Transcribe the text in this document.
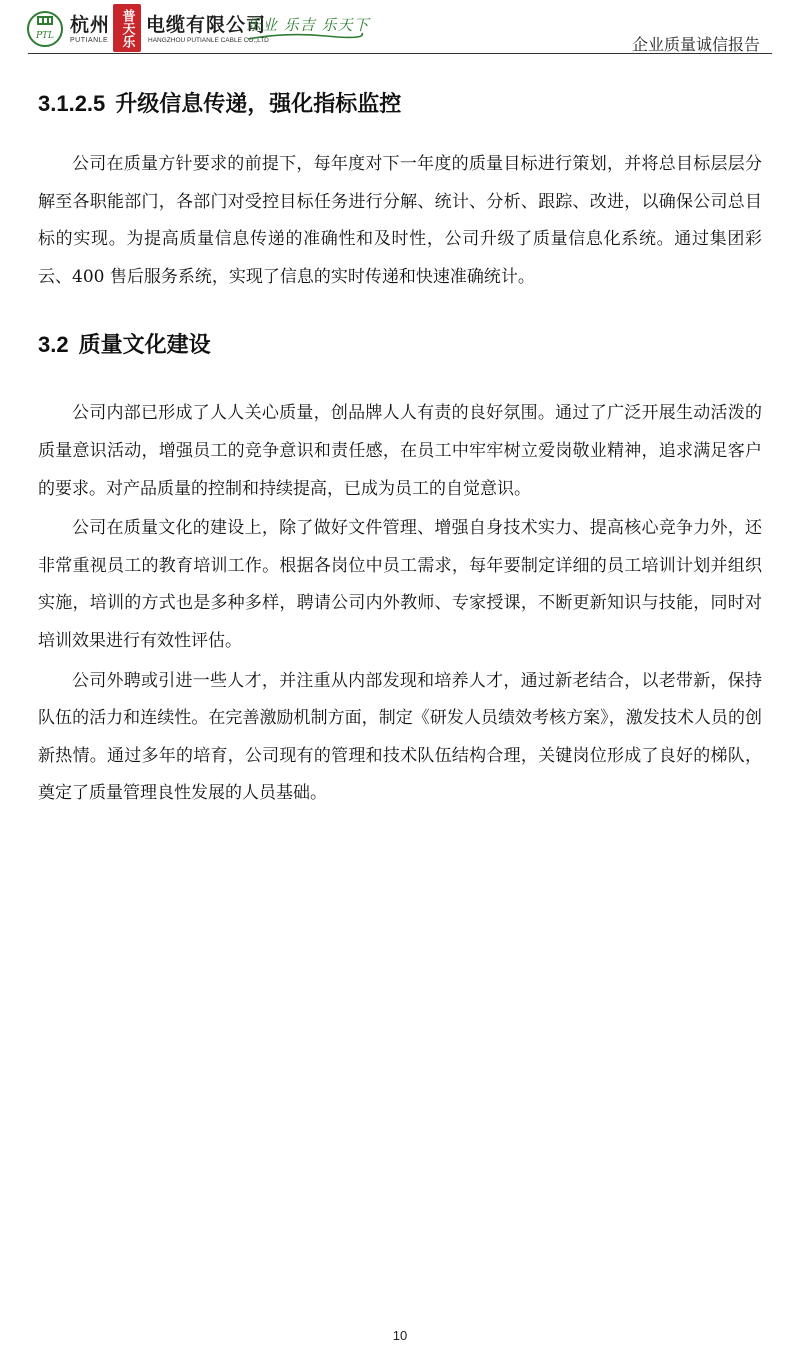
PTL 杭州 电缆有限公司
普天乐
PUTIANLE	HANGZHOU PUTIANLE CABLE CO.,LTD
乐业 乐吉 乐天下
企业质量诚信报告
3.1.2.5 升级信息传递，强化指标监控

公司在质量方针要求的前提下，每年度对下一年度的质量目标进行策划，并将总目标层层分解至各职能部门，各部门对受控目标任务进行分解、统计、分析、跟踪、改进，以确保公司总目标的实现。为提高质量信息传递的准确性和及时性，公司升级了质量信息化系统。通过集团彩云、400 售后服务系统，实现了信息的实时传递和快速准确统计。

3.2 质量文化建设

公司内部已形成了人人关心质量，创品牌人人有责的良好氛围。通过了广泛开展生动活泼的质量意识活动，增强员工的竞争意识和责任感，在员工中牢牢树立爱岗敬业精神，追求满足客户的要求。对产品质量的控制和持续提高，已成为员工的自觉意识。

公司在质量文化的建设上，除了做好文件管理、增强自身技术实力、提高核心竞争力外，还非常重视员工的教育培训工作。根据各岗位中员工需求，每年要制定详细的员工培训计划并组织实施，培训的方式也是多种多样，聘请公司内外教师、专家授课，不断更新知识与技能，同时对培训效果进行有效性评估。

公司外聘或引进一些人才，并注重从内部发现和培养人才，通过新老结合，以老带新，保持队伍的活力和连续性。在完善激励机制方面，制定《研发人员绩效考核方案》，激发技术人员的创新热情。通过多年的培育，公司现有的管理和技术队伍结构合理，关键岗位形成了良好的梯队，奠定了质量管理良性发展的人员基础。

10
